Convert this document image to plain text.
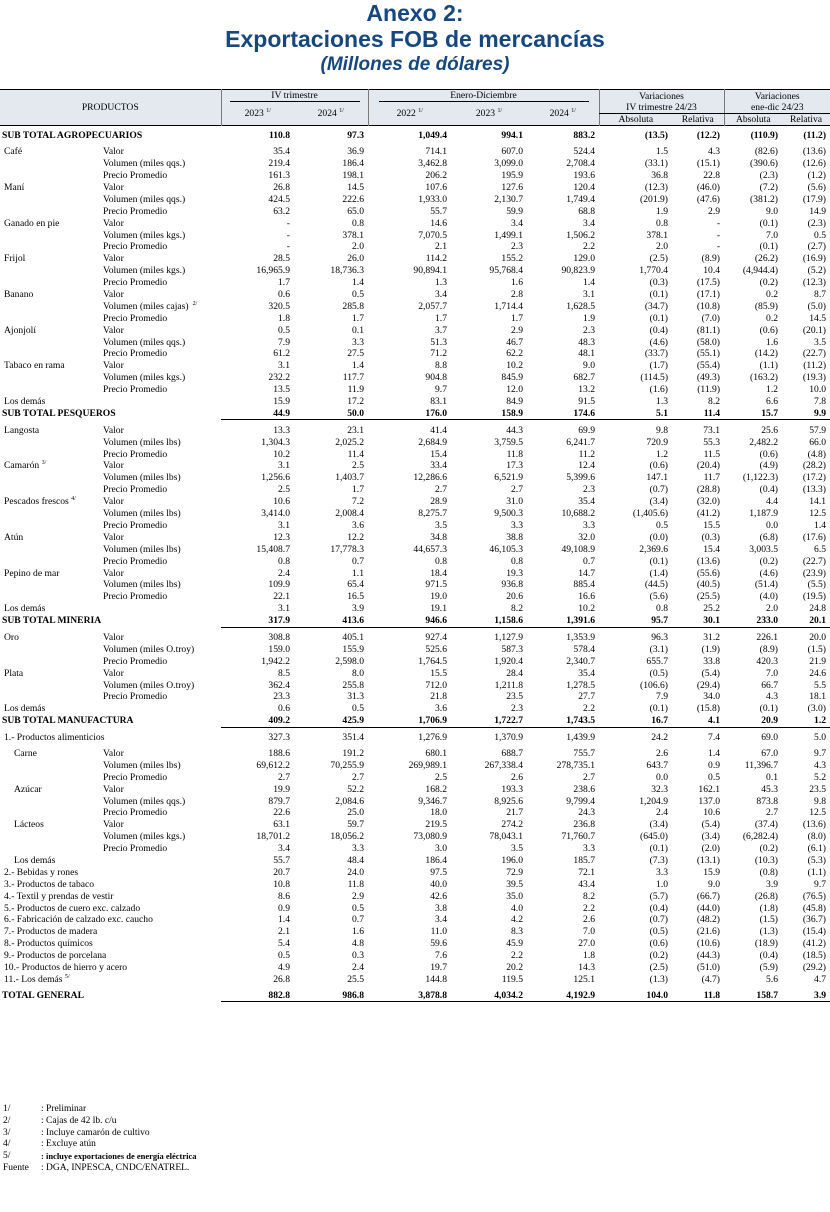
Anexo 2:
Exportaciones FOB de mercancías
(Millones de dólares)
PRODUCTOS		IV trimestre		Enero-Diciembre			Variaciones		Variaciones	
		2023 $^{1/}$	2024 $^{1/}$	2022 $^{1/}$	2023 $^{1/}$	2024 $^{1/}$	IV trimestre 24/23		ene-dic 24/23	
							Absoluta	Relativa	Absoluta	Relativa

SUB TOTAL AGROPECUARIOS		110.8	97.3	1,049.4	994.1	883.2	(13.5)	(12.2)	(110.9)	(11.2)

Café	Valor	35.4	36.9	714.1	607.0	524.4	1.5	4.3	(82.6)	(13.6)
	Volumen (miles qqs.)	219.4	186.4	3,462.8	3,099.0	2,708.4	(33.1)	(15.1)	(390.6)	(12.6)
	Precio Promedio	161.3	198.1	206.2	195.9	193.6	36.8	22.8	(2.3)	(1.2)
Maní	Valor	26.8	14.5	107.6	127.6	120.4	(12.3)	(46.0)	(7.2)	(5.6)
	Volumen (miles qqs.)	424.5	222.6	1,933.0	2,130.7	1,749.4	(201.9)	(47.6)	(381.2)	(17.9)
	Precio Promedio	63.2	65.0	55.7	59.9	68.8	1.9	2.9	9.0	14.9
Ganado en pie	Valor	-	0.8	14.6	3.4	3.4	0.8	-	(0.1)	(2.3)
	Volumen (miles kgs.)	-	378.1	7,070.5	1,499.1	1,506.2	378.1	-	7.0	0.5
	Precio Promedio	-	2.0	2.1	2.3	2.2	2.0	-	(0.1)	(2.7)
Frijol	Valor	28.5	26.0	114.2	155.2	129.0	(2.5)	(8.9)	(26.2)	(16.9)
	Volumen (miles kgs.)	16,965.9	18,736.3	90,894.1	95,768.4	90,823.9	1,770.4	10.4	(4,944.4)	(5.2)
	Precio Promedio	1.7	1.4	1.3	1.6	1.4	(0.3)	(17.5)	(0.2)	(12.3)
Banano	Valor	0.6	0.5	3.4	2.8	3.1	(0.1)	(17.1)	0.2	8.7
	Volumen (miles cajas) $^{2/}$	320.5	285.8	2,057.7	1,714.4	1,628.5	(34.7)	(10.8)	(85.9)	(5.0)
	Precio Promedio	1.8	1.7	1.7	1.7	1.9	(0.1)	(7.0)	0.2	14.5
Ajonjolí	Valor	0.5	0.1	3.7	2.9	2.3	(0.4)	(81.1)	(0.6)	(20.1)
	Volumen (miles qqs.)	7.9	3.3	51.3	46.7	48.3	(4.6)	(58.0)	1.6	3.5
	Precio Promedio	61.2	27.5	71.2	62.2	48.1	(33.7)	(55.1)	(14.2)	(22.7)
Tabaco en rama	Valor	3.1	1.4	8.8	10.2	9.0	(1.7)	(55.4)	(1.1)	(11.2)
	Volumen (miles kgs.)	232.2	117.7	904.8	845.9	682.7	(114.5)	(49.3)	(163.2)	(19.3)
	Precio Promedio	13.5	11.9	9.7	12.0	13.2	(1.6)	(11.9)	1.2	10.0
Los demás		15.9	17.2	83.1	84.9	91.5	1.3	8.2	6.6	7.8
SUB TOTAL PESQUEROS		44.9	50.0	176.0	158.9	174.6	5.1	11.4	15.7	9.9

Langosta	Valor	13.3	23.1	41.4	44.3	69.9	9.8	73.1	25.6	57.9
	Volumen (miles lbs)	1,304.3	2,025.2	2,684.9	3,759.5	6,241.7	720.9	55.3	2,482.2	66.0
	Precio Promedio	10.2	11.4	15.4	11.8	11.2	1.2	11.5	(0.6)	(4.8)
Camarón $^{3/}$	Valor	3.1	2.5	33.4	17.3	12.4	(0.6)	(20.4)	(4.9)	(28.2)
	Volumen (miles lbs)	1,256.6	1,403.7	12,286.6	6,521.9	5,399.6	147.1	11.7	(1,122.3)	(17.2)
	Precio Promedio	2.5	1.7	2.7	2.7	2.3	(0.7)	(28.8)	(0.4)	(13.3)
Pescados frescos $^{4/}$	Valor	10.6	7.2	28.9	31.0	35.4	(3.4)	(32.0)	4.4	14.1
	Volumen (miles lbs)	3,414.0	2,008.4	8,275.7	9,500.3	10,688.2	(1,405.6)	(41.2)	1,187.9	12.5
	Precio Promedio	3.1	3.6	3.5	3.3	3.3	0.5	15.5	0.0	1.4
Atún	Valor	12.3	12.2	34.8	38.8	32.0	(0.0)	(0.3)	(6.8)	(17.6)
	Volumen (miles lbs)	15,408.7	17,778.3	44,657.3	46,105.3	49,108.9	2,369.6	15.4	3,003.5	6.5
	Precio Promedio	0.8	0.7	0.8	0.8	0.7	(0.1)	(13.6)	(0.2)	(22.7)
Pepino de mar	Valor	2.4	1.1	18.4	19.3	14.7	(1.4)	(55.6)	(4.6)	(23.9)
	Volumen (miles lbs)	109.9	65.4	971.5	936.8	885.4	(44.5)	(40.5)	(51.4)	(5.5)
	Precio Promedio	22.1	16.5	19.0	20.6	16.6	(5.6)	(25.5)	(4.0)	(19.5)
Los demás		3.1	3.9	19.1	8.2	10.2	0.8	25.2	2.0	24.8
SUB TOTAL MINERIA		317.9	413.6	946.6	1,158.6	1,391.6	95.7	30.1	233.0	20.1

Oro	Valor	308.8	405.1	927.4	1,127.9	1,353.9	96.3	31.2	226.1	20.0
	Volumen (miles O.troy)	159.0	155.9	525.6	587.3	578.4	(3.1)	(1.9)	(8.9)	(1.5)
	Precio Promedio	1,942.2	2,598.0	1,764.5	1,920.4	2,340.7	655.7	33.8	420.3	21.9
Plata	Valor	8.5	8.0	15.5	28.4	35.4	(0.5)	(5.4)	7.0	24.6
	Volumen (miles O.troy)	362.4	255.8	712.0	1,211.8	1,278.5	(106.6)	(29.4)	66.7	5.5
	Precio Promedio	23.3	31.3	21.8	23.5	27.7	7.9	34.0	4.3	18.1
Los demás		0.6	0.5	3.6	2.3	2.2	(0.1)	(15.8)	(0.1)	(3.0)
SUB TOTAL MANUFACTURA		409.2	425.9	1,706.9	1,722.7	1,743.5	16.7	4.1	20.9	1.2

1.- Productos alimenticios		327.3	351.4	1,276.9	1,370.9	1,439.9	24.2	7.4	69.0	5.0

Carne	Valor	188.6	191.2	680.1	688.7	755.7	2.6	1.4	67.0	9.7
	Volumen (miles lbs)	69,612.2	70,255.9	269,989.1	267,338.4	278,735.1	643.7	0.9	11,396.7	4.3
	Precio Promedio	2.7	2.7	2.5	2.6	2.7	0.0	0.5	0.1	5.2
Azúcar	Valor	19.9	52.2	168.2	193.3	238.6	32.3	162.1	45.3	23.5
	Volumen (miles qqs.)	879.7	2,084.6	9,346.7	8,925.6	9,799.4	1,204.9	137.0	873.8	9.8
	Precio Promedio	22.6	25.0	18.0	21.7	24.3	2.4	10.6	2.7	12.5
Lácteos	Valor	63.1	59.7	219.5	274.2	236.8	(3.4)	(5.4)	(37.4)	(13.6)
	Volumen (miles kgs.)	18,701.2	18,056.2	73,080.9	78,043.1	71,760.7	(645.0)	(3.4)	(6,282.4)	(8.0)
	Precio Promedio	3.4	3.3	3.0	3.5	3.3	(0.1)	(2.0)	(0.2)	(6.1)
Los demás		55.7	48.4	186.4	196.0	185.7	(7.3)	(13.1)	(10.3)	(5.3)
2.- Bebidas y rones		20.7	24.0	97.5	72.9	72.1	3.3	15.9	(0.8)	(1.1)
3.- Productos de tabaco		10.8	11.8	40.0	39.5	43.4	1.0	9.0	3.9	9.7
4.- Textil y prendas de vestir		8.6	2.9	42.6	35.0	8.2	(5.7)	(66.7)	(26.8)	(76.5)
5.- Productos de cuero exc. calzado		0.9	0.5	3.8	4.0	2.2	(0.4)	(44.0)	(1.8)	(45.8)
6.- Fabricación de calzado exc. caucho		1.4	0.7	3.4	4.2	2.6	(0.7)	(48.2)	(1.5)	(36.7)
7.- Productos de madera		2.1	1.6	11.0	8.3	7.0	(0.5)	(21.6)	(1.3)	(15.4)
8.- Productos químicos		5.4	4.8	59.6	45.9	27.0	(0.6)	(10.6)	(18.9)	(41.2)
9.- Productos de porcelana		0.5	0.3	7.6	2.2	1.8	(0.2)	(44.3)	(0.4)	(18.5)
10.- Productos de hierro y acero		4.9	2.4	19.7	20.2	14.3	(2.5)	(51.0)	(5.9)	(29.2)
11.- Los demás $^{5/}$		26.8	25.5	144.8	119.5	125.1	(1.3)	(4.7)	5.6	4.7

TOTAL GENERAL		882.8	986.8	3,878.8	4,034.2	4,192.9	104.0	11.8	158.7	3.9
1/	: Preliminar
2/	: Cajas de 42 lb. c/u
3/	: Incluye camarón de cultivo
4/	: Excluye atún
5/	: incluye exportaciones de energía eléctrica
Fuente	: DGA, INPESCA, CNDC/ENATREL.
